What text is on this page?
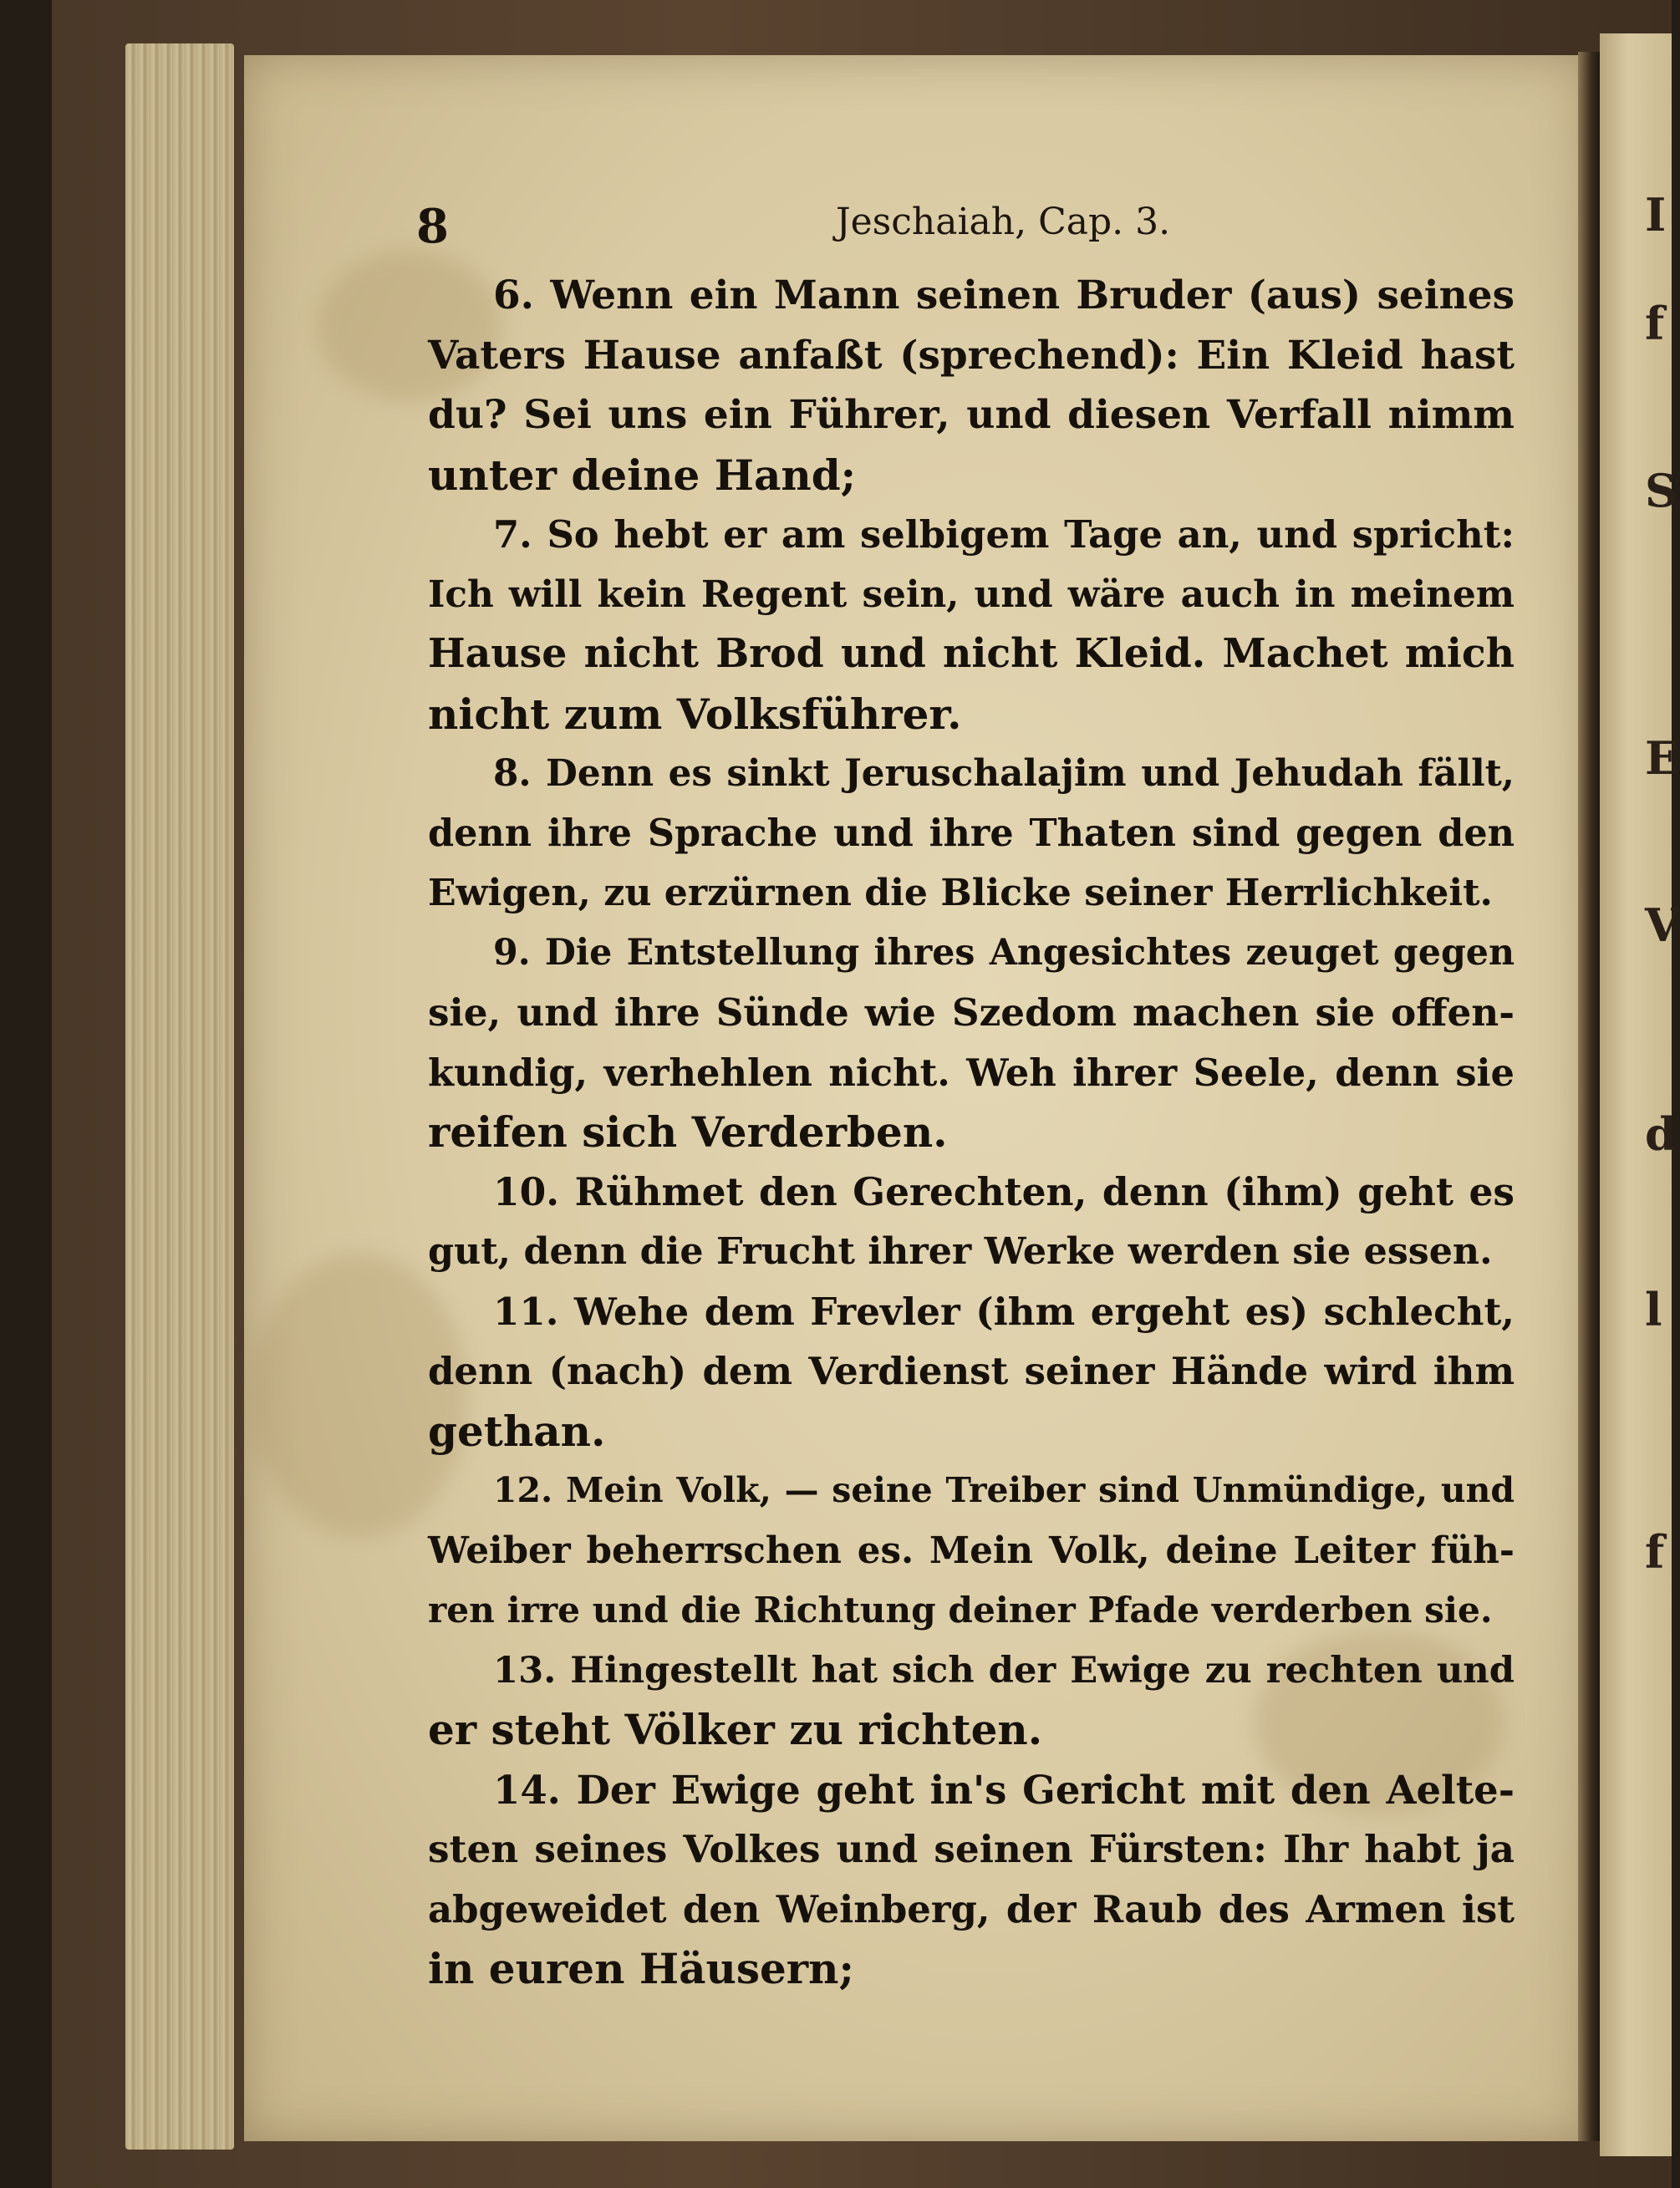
I
f
S
E
V
d
l
f
8	Jeschaiah, Cap. 3.
6. Wenn ein Mann seinen Bruder (aus) seines
Vaters Hause anfaßt (sprechend): Ein Kleid hast
du? Sei uns ein Führer, und diesen Verfall nimm
unter deine Hand;
7. So hebt er am selbigem Tage an, und spricht:
Ich will kein Regent sein, und wäre auch in meinem
Hause nicht Brod und nicht Kleid. Machet mich
nicht zum Volksführer.
8. Denn es sinkt Jeruschalajim und Jehudah fällt,
denn ihre Sprache und ihre Thaten sind gegen den
Ewigen, zu erzürnen die Blicke seiner Herrlichkeit.
9. Die Entstellung ihres Angesichtes zeuget gegen
sie, und ihre Sünde wie Szedom machen sie offen-
kundig, verhehlen nicht. Weh ihrer Seele, denn sie
reifen sich Verderben.
10. Rühmet den Gerechten, denn (ihm) geht es
gut, denn die Frucht ihrer Werke werden sie essen.
11. Wehe dem Frevler (ihm ergeht es) schlecht,
denn (nach) dem Verdienst seiner Hände wird ihm
gethan.
12. Mein Volk, — seine Treiber sind Unmündige, und
Weiber beherrschen es. Mein Volk, deine Leiter füh-
ren irre und die Richtung deiner Pfade verderben sie.
13. Hingestellt hat sich der Ewige zu rechten und
er steht Völker zu richten.
14. Der Ewige geht in's Gericht mit den Aelte-
sten seines Volkes und seinen Fürsten: Ihr habt ja
abgeweidet den Weinberg, der Raub des Armen ist
in euren Häusern;
